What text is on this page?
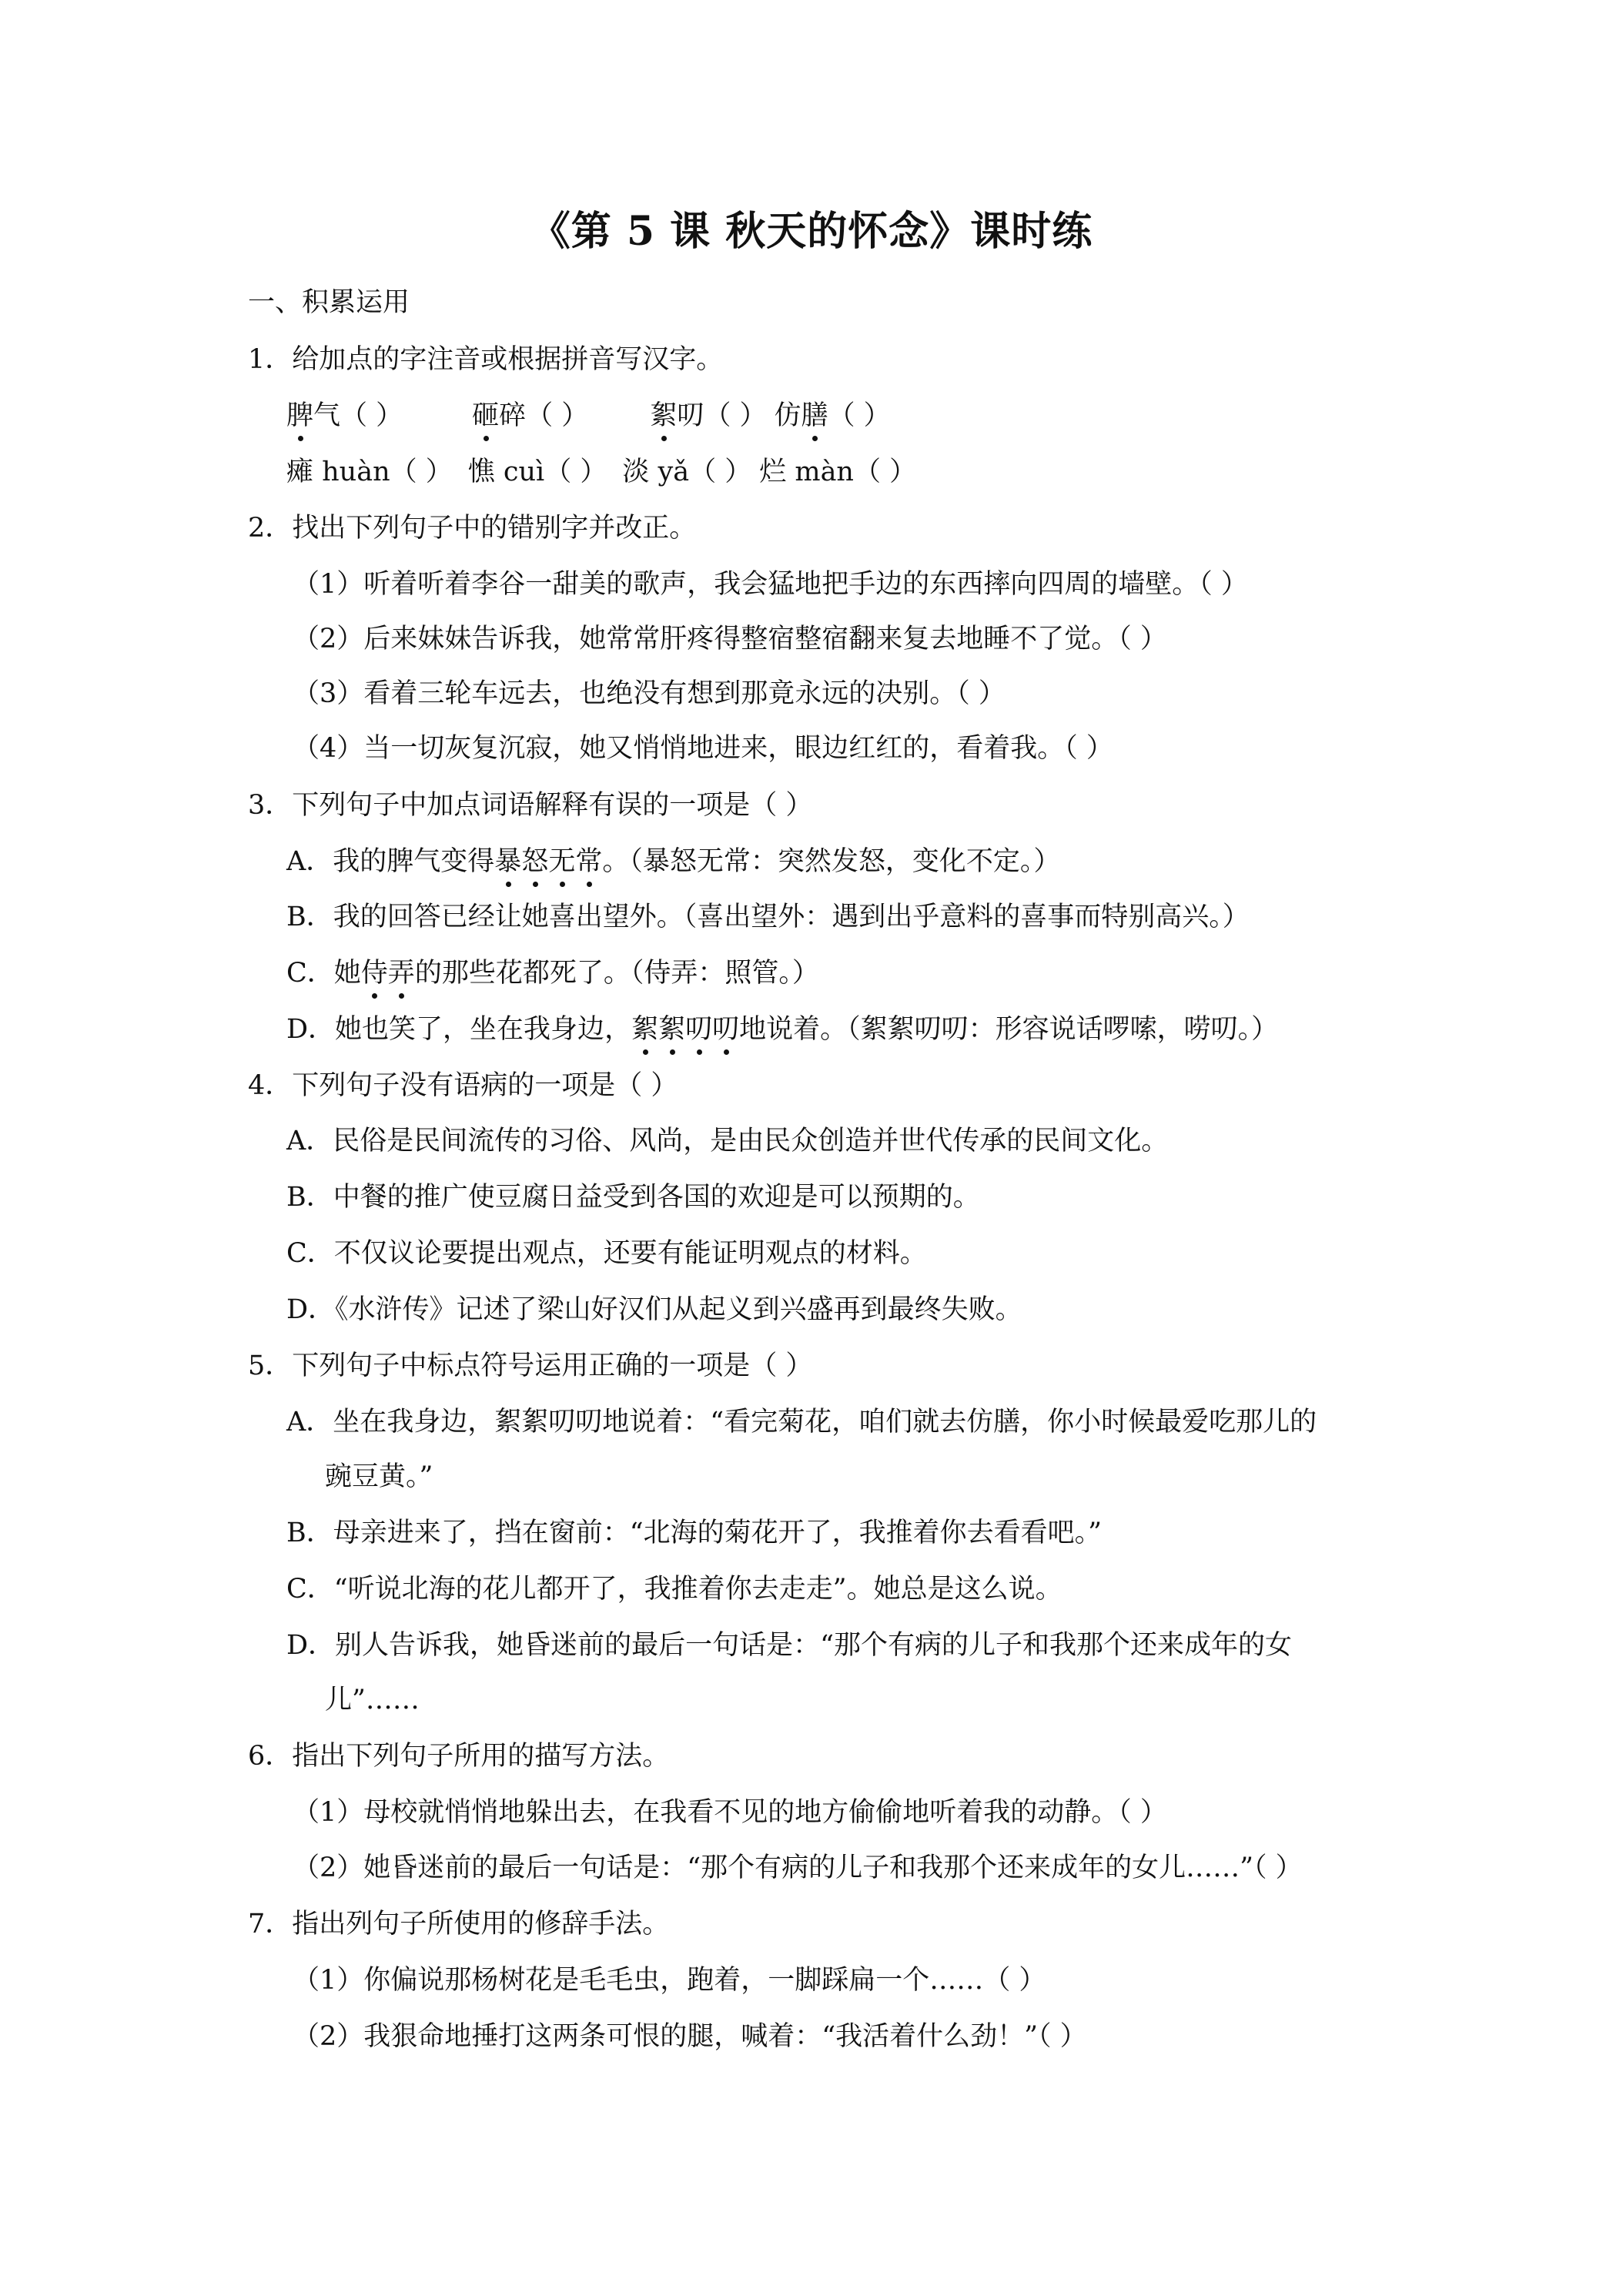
《第 5 课 秋天的怀念》课时练
一、积累运用
1．给加点的字注音或根据拼音写汉字。
脾气（ ）	砸碎（ ） 絮叨（ ） 仿膳（ ）
瘫 huàn（ ） 憔 cuì（ ） 淡 yǎ（ ） 烂 màn（ ）
2．找出下列句子中的错别字并改正。
（1）听着听着李谷一甜美的歌声，我会猛地把手边的东西摔向四周的墙壁。（ ）
（2）后来妹妹告诉我，她常常肝疼得整宿整宿翻来复去地睡不了觉。（ ）
（3）看着三轮车远去，也绝没有想到那竟永远的决别。（ ）
（4）当一切灰复沉寂，她又悄悄地进来，眼边红红的，看着我。（ ）
3．下列句子中加点词语解释有误的一项是（ ）
A．我的脾气变得暴怒无常。（暴怒无常：突然发怒，变化不定。）
B．我的回答已经让她喜出望外。（喜出望外：遇到出乎意料的喜事而特别高兴。）
C．她侍弄的那些花都死了。（侍弄：照管。）
D．她也笑了，坐在我身边，絮絮叨叨地说着。（絮絮叨叨：形容说话啰嗦，唠叨。）
4．下列句子没有语病的一项是（ ）
A．民俗是民间流传的习俗、风尚，是由民众创造并世代传承的民间文化。
B．中餐的推广使豆腐日益受到各国的欢迎是可以预期的。
C．不仅议论要提出观点，还要有能证明观点的材料。
D．《水浒传》记述了梁山好汉们从起义到兴盛再到最终失败。
5．下列句子中标点符号运用正确的一项是（ ）
A．坐在我身边，絮絮叨叨地说着：“看完菊花，咱们就去仿膳，你小时候最爱吃那儿的
豌豆黄。”
B．母亲进来了，挡在窗前：“北海的菊花开了，我推着你去看看吧。”
C．“听说北海的花儿都开了，我推着你去走走”。她总是这么说。
D．别人告诉我，她昏迷前的最后一句话是：“那个有病的儿子和我那个还来成年的女
儿”……
6．指出下列句子所用的描写方法。
（1）母校就悄悄地躲出去，在我看不见的地方偷偷地听着我的动静。（ ）
（2）她昏迷前的最后一句话是：“那个有病的儿子和我那个还来成年的女儿……”（ ）
7．指出列句子所使用的修辞手法。
（1）你偏说那杨树花是毛毛虫，跑着，一脚踩扁一个……（ ）
（2）我狠命地捶打这两条可恨的腿，喊着：“我活着什么劲！”（ ）
